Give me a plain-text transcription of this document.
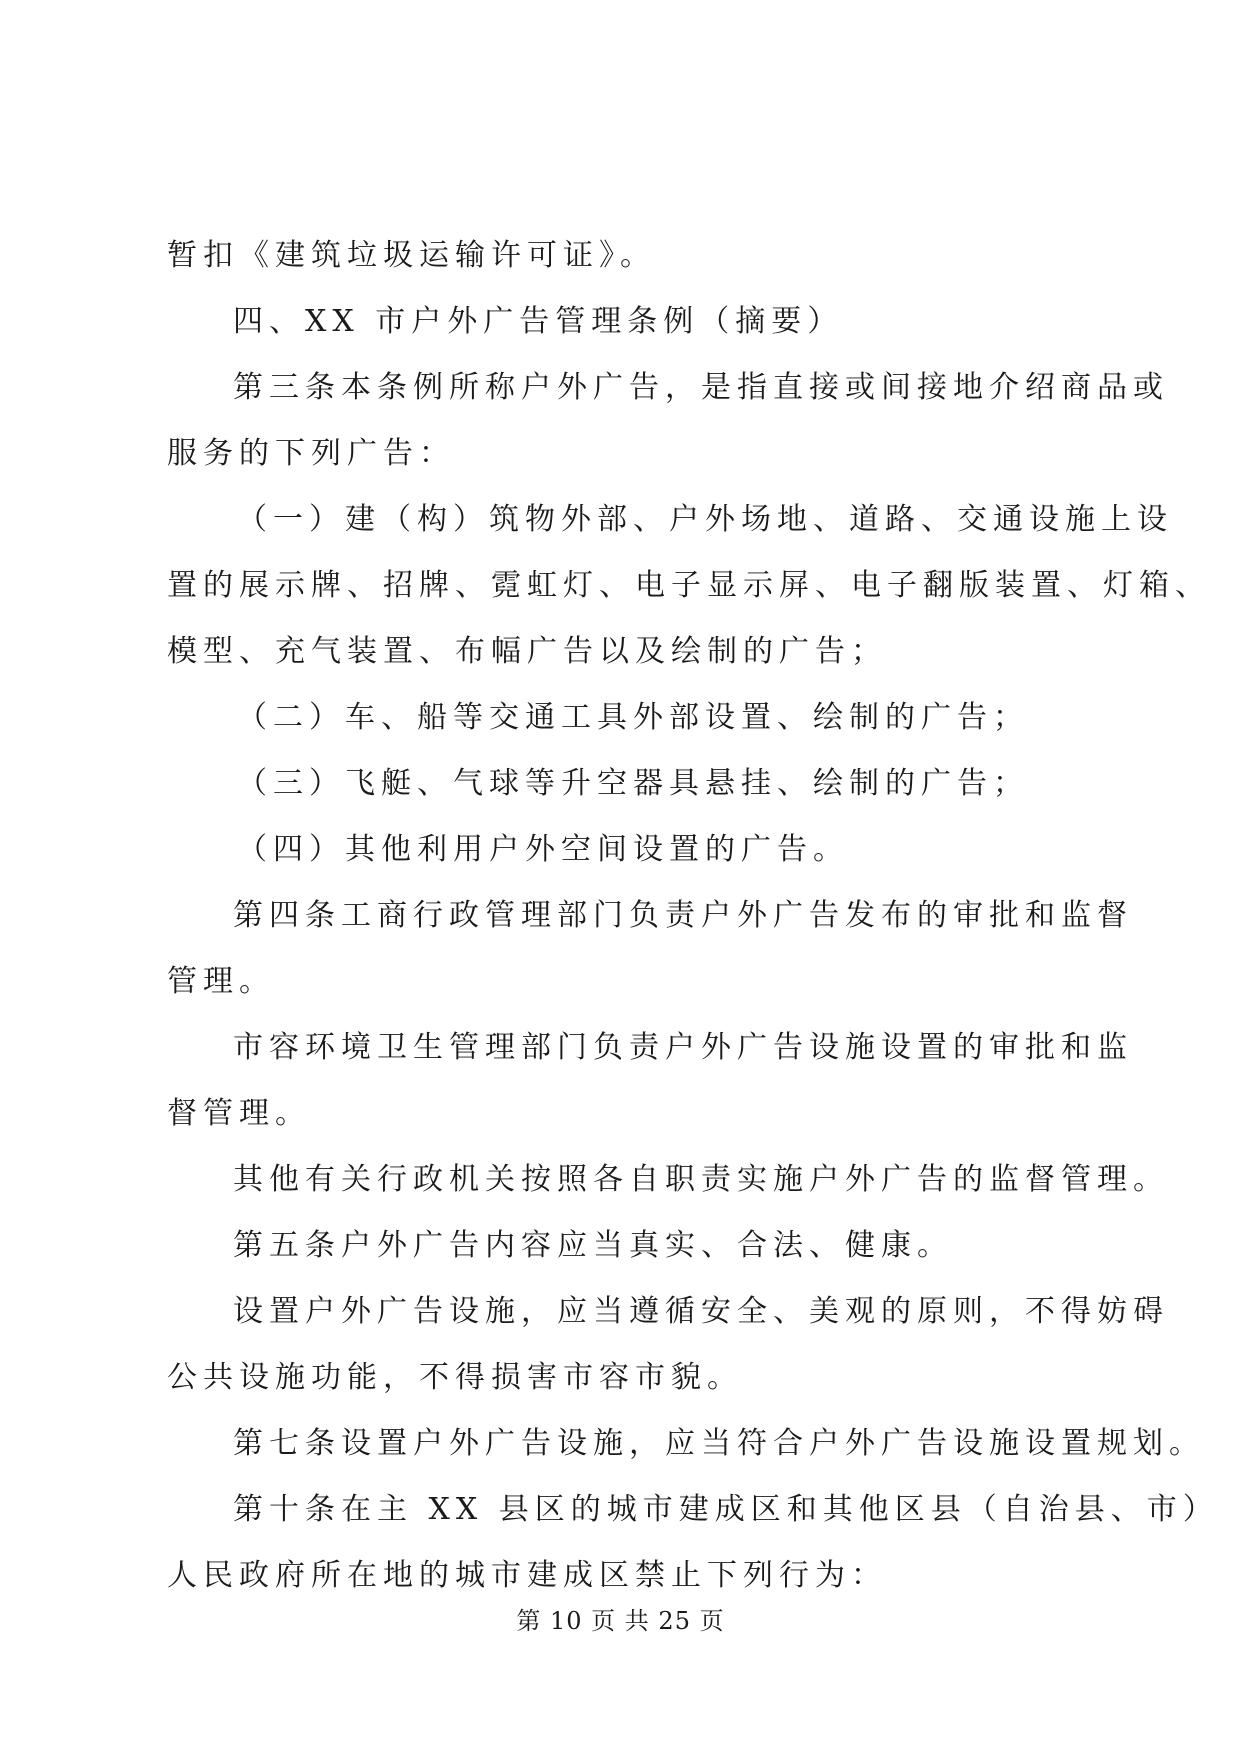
暂扣《建筑垃圾运输许可证》。
四、XX 市户外广告管理条例（摘要）
第三条本条例所称户外广告，是指直接或间接地介绍商品或
服务的下列广告：
（一）建（构）筑物外部、户外场地、道路、交通设施上设
置的展示牌、招牌、霓虹灯、电子显示屏、电子翻版装置、灯箱、
模型、充气装置、布幅广告以及绘制的广告；
（二）车、船等交通工具外部设置、绘制的广告；
（三）飞艇、气球等升空器具悬挂、绘制的广告；
（四）其他利用户外空间设置的广告。
第四条工商行政管理部门负责户外广告发布的审批和监督
管理。
市容环境卫生管理部门负责户外广告设施设置的审批和监
督管理。
其他有关行政机关按照各自职责实施户外广告的监督管理。
第五条户外广告内容应当真实、合法、健康。
设置户外广告设施，应当遵循安全、美观的原则，不得妨碍
公共设施功能，不得损害市容市貌。
第七条设置户外广告设施，应当符合户外广告设施设置规划。
第十条在主 XX 县区的城市建成区和其他区县（自治县、市）
人民政府所在地的城市建成区禁止下列行为：
第 10 页 共 25 页
